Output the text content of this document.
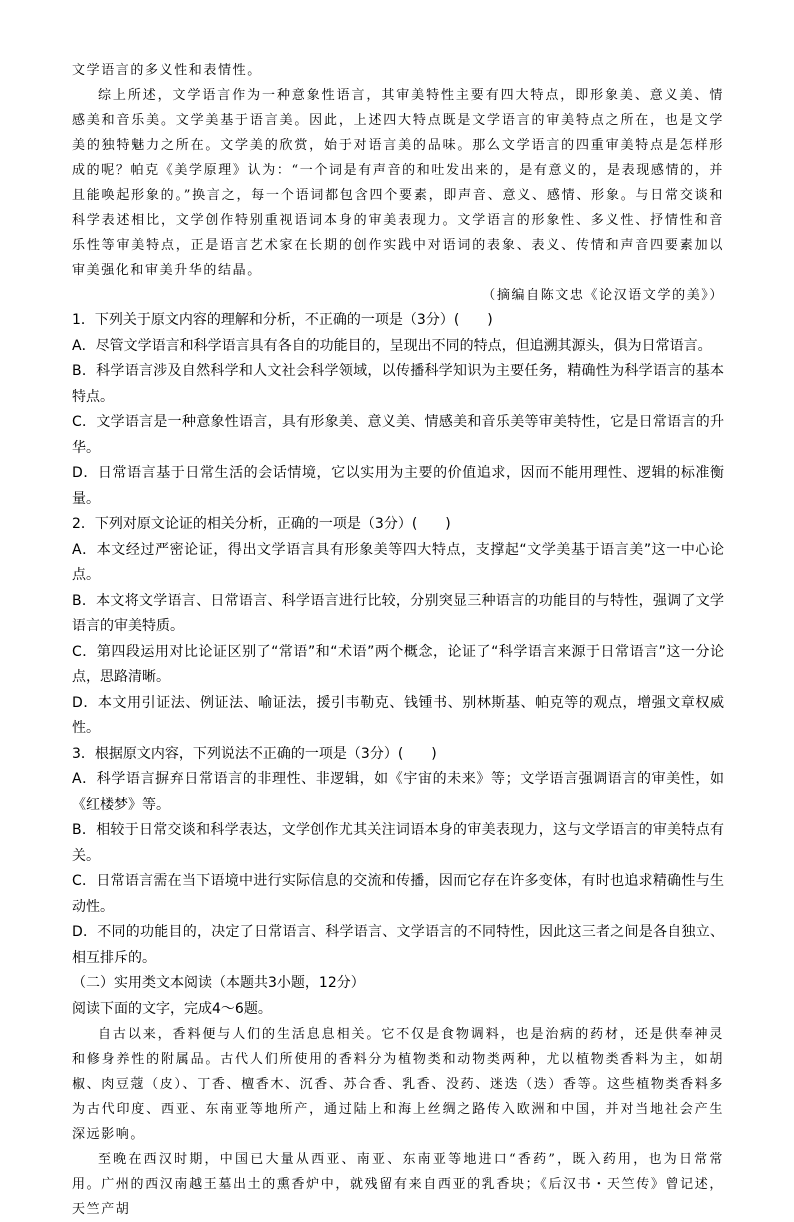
文学语言的多义性和表情性。

综上所述，文学语言作为一种意象性语言，其审美特性主要有四大特点，即形象美、意义美、情感美和音乐美。文学美基于语言美。因此，上述四大特点既是文学语言的审美特点之所在，也是文学美的独特魅力之所在。文学美的欣赏，始于对语言美的品味。那么文学语言的四重审美特点是怎样形成的呢？帕克《美学原理》认为：“一个词是有声音的和吐发出来的，是有意义的，是表现感情的，并且能唤起形象的。”换言之，每一个语词都包含四个要素，即声音、意义、感情、形象。与日常交谈和科学表述相比，文学创作特别重视语词本身的审美表现力。文学语言的形象性、多义性、抒情性和音乐性等审美特点，正是语言艺术家在长期的创作实践中对语词的表象、表义、传情和声音四要素加以审美强化和审美升华的结晶。

（摘编自陈文忠《论汉语文学的美》）

1．下列关于原文内容的理解和分析，不正确的一项是（3分）(　　)

A．尽管文学语言和科学语言具有各自的功能目的，呈现出不同的特点，但追溯其源头，俱为日常语言。

B．科学语言涉及自然科学和人文社会科学领域，以传播科学知识为主要任务，精确性为科学语言的基本特点。

C．文学语言是一种意象性语言，具有形象美、意义美、情感美和音乐美等审美特性，它是日常语言的升华。

D．日常语言基于日常生活的会话情境，它以实用为主要的价值追求，因而不能用理性、逻辑的标准衡量。

2．下列对原文论证的相关分析，正确的一项是（3分）(　　)

A．本文经过严密论证，得出文学语言具有形象美等四大特点，支撑起“文学美基于语言美”这一中心论点。

B．本文将文学语言、日常语言、科学语言进行比较，分别突显三种语言的功能目的与特性，强调了文学语言的审美特质。

C．第四段运用对比论证区别了“常语”和“术语”两个概念，论证了“科学语言来源于日常语言”这一分论点，思路清晰。

D．本文用引证法、例证法、喻证法，援引韦勒克、钱锺书、别林斯基、帕克等的观点，增强文章权威性。

3．根据原文内容，下列说法不正确的一项是（3分）(　　)

A．科学语言摒弃日常语言的非理性、非逻辑，如《宇宙的未来》等；文学语言强调语言的审美性，如《红楼梦》等。

B．相较于日常交谈和科学表达，文学创作尤其关注词语本身的审美表现力，这与文学语言的审美特点有关。

C．日常语言需在当下语境中进行实际信息的交流和传播，因而它存在许多变体，有时也追求精确性与生动性。

D．不同的功能目的，决定了日常语言、科学语言、文学语言的不同特性，因此这三者之间是各自独立、相互排斥的。

（二）实用类文本阅读（本题共3小题，12分）

阅读下面的文字，完成4～6题。

自古以来，香料便与人们的生活息息相关。它不仅是食物调料，也是治病的药材，还是供奉神灵和修身养性的附属品。古代人们所使用的香料分为植物类和动物类两种，尤以植物类香料为主，如胡椒、肉豆蔻（皮）、丁香、檀香木、沉香、苏合香、乳香、没药、迷迭（迭）香等。这些植物类香料多为古代印度、西亚、东南亚等地所产，通过陆上和海上丝绸之路传入欧洲和中国，并对当地社会产生深远影响。

至晚在西汉时期，中国已大量从西亚、南亚、东南亚等地进口“香药”，既入药用，也为日常常用。广州的西汉南越王墓出土的熏香炉中，就残留有来自西亚的乳香块；《后汉书・天竺传》曾记述，天竺产胡
